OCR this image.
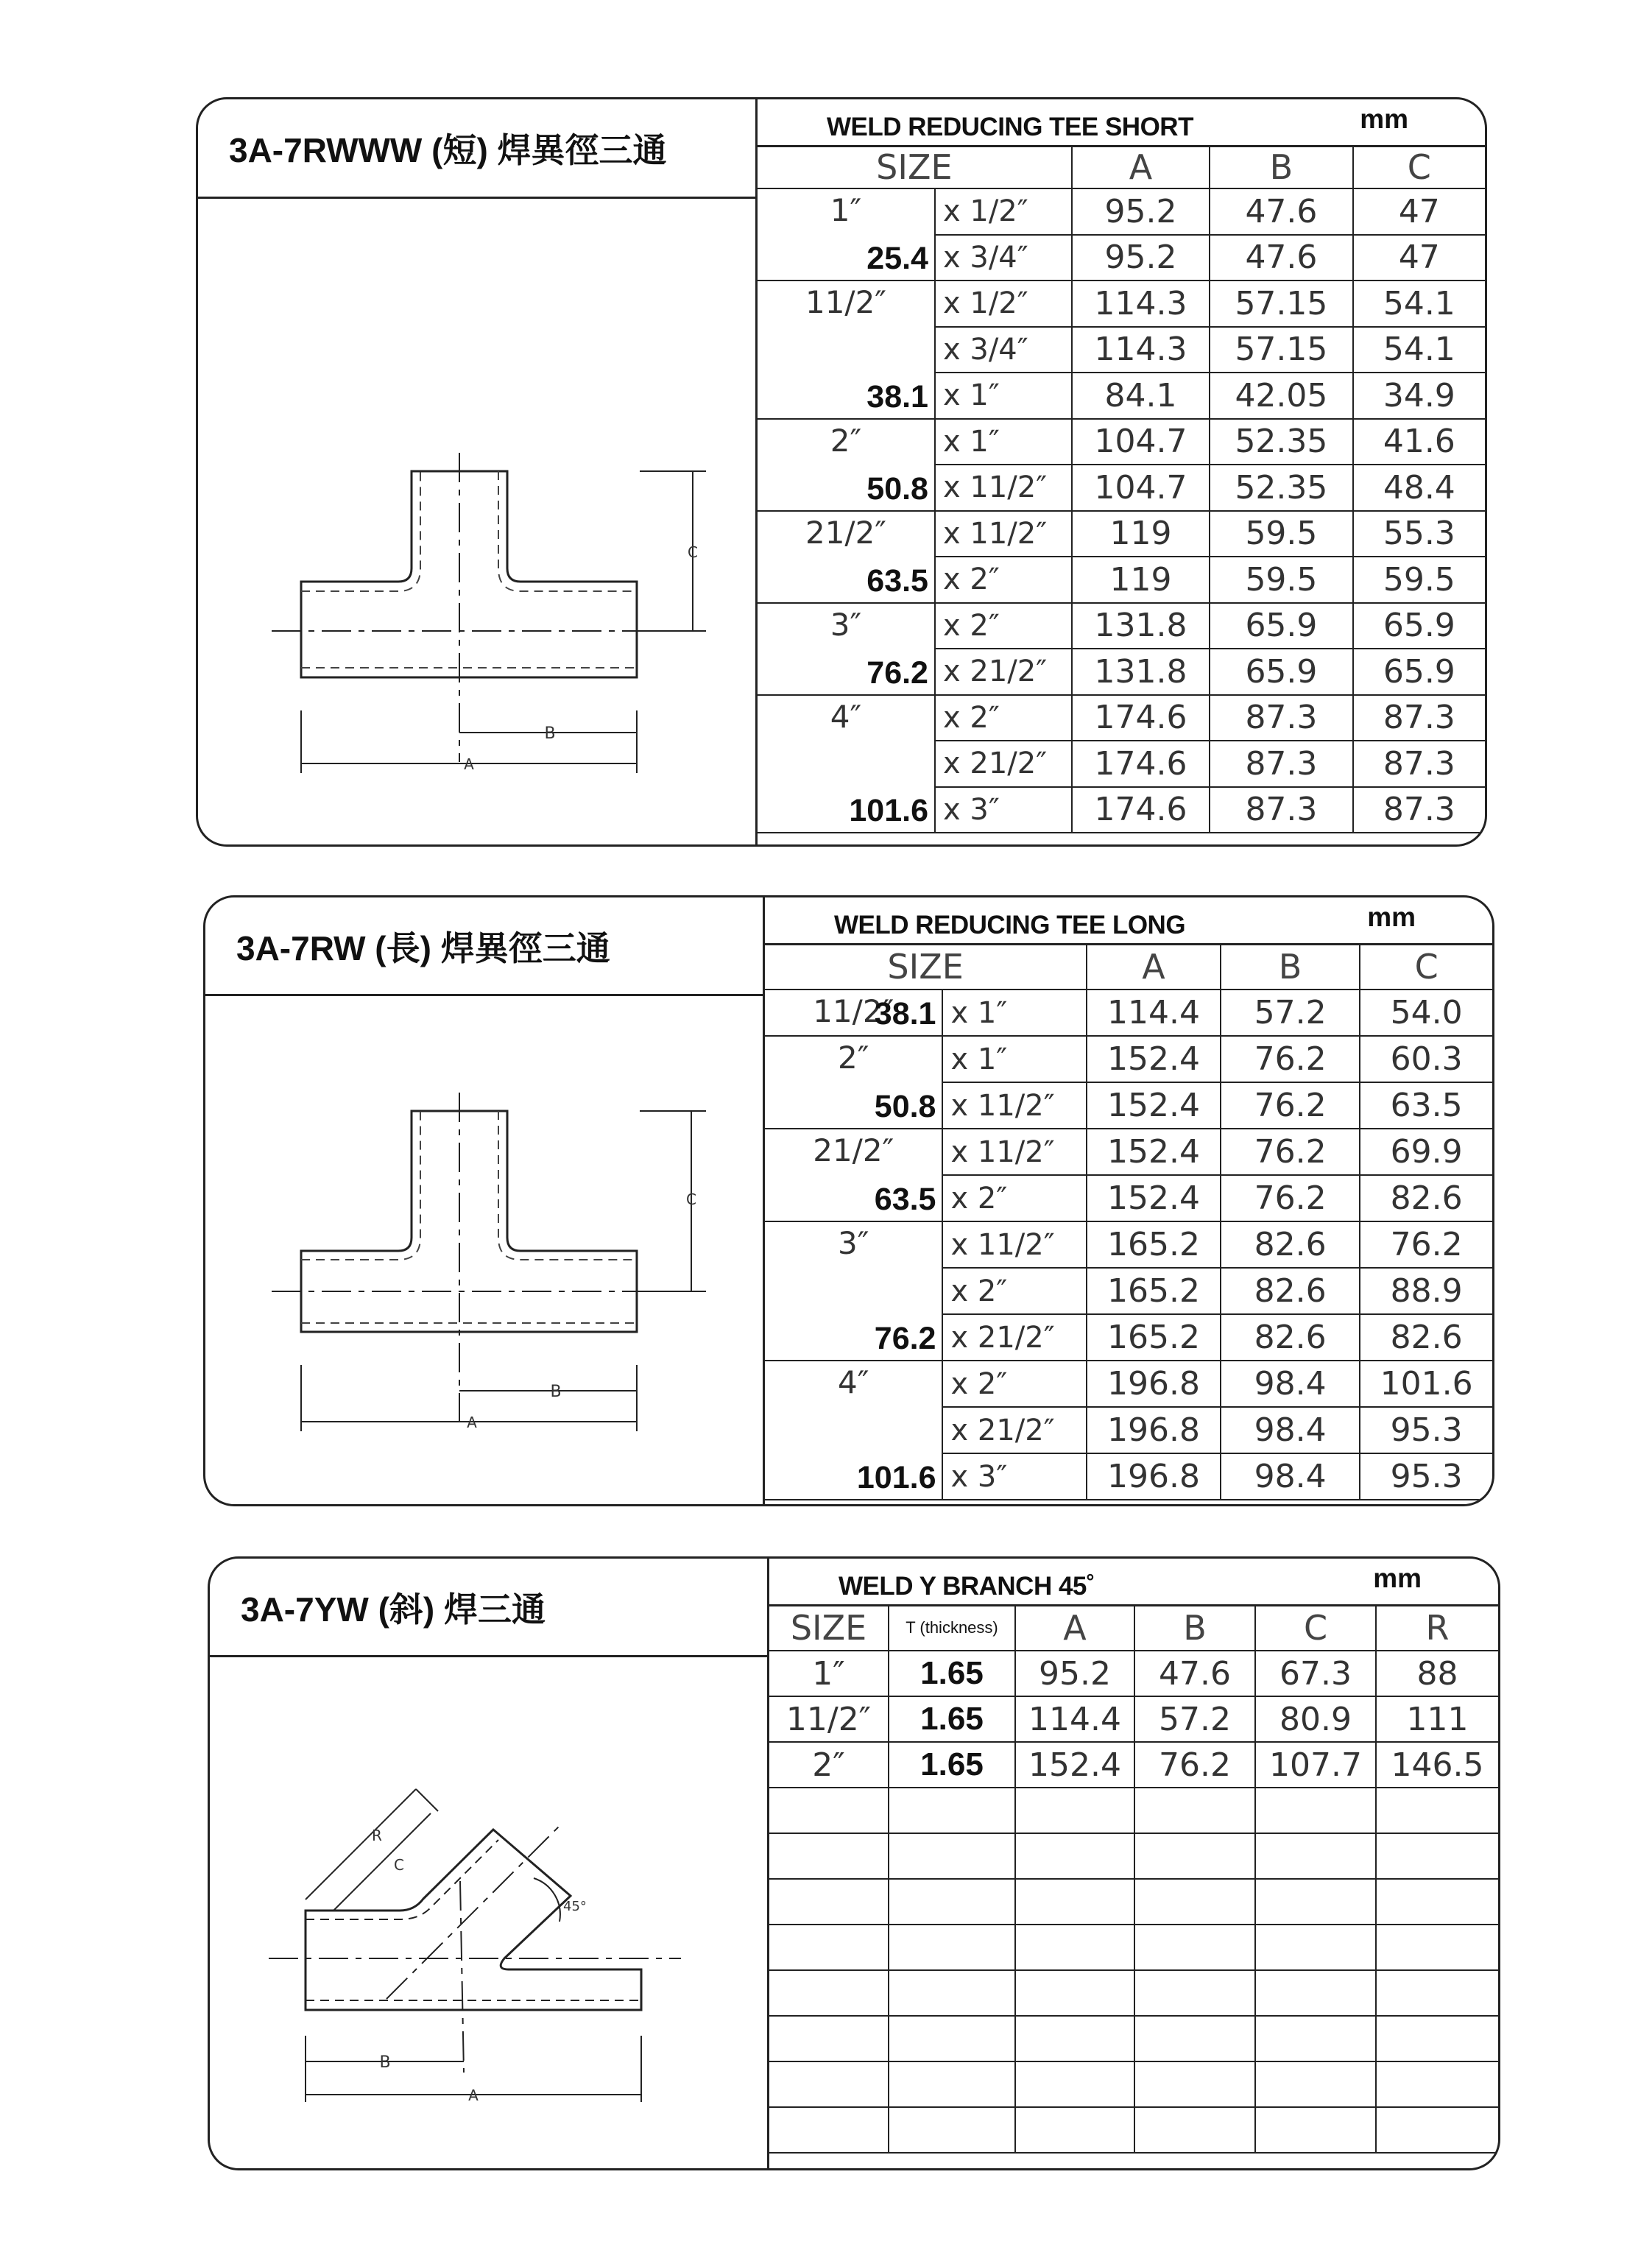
3A-7RWWW (短) 焊異徑三通
C
B
A
WELD REDUCING TEE SHORT	mm
SIZE		A	B	C

1″
25.4	x 1/2″	95.2	47.6	47
	x 3/4″	95.2	47.6	47

11/2″
38.1	x 1/2″	114.3	57.15	54.1
	x 3/4″	114.3	57.15	54.1
	x 1″	84.1	42.05	34.9

2″
50.8	x 1″	104.7	52.35	41.6
	x 11/2″	104.7	52.35	48.4

21/2″
63.5	x 11/2″	119	59.5	55.3
	x 2″	119	59.5	59.5

3″
76.2	x 2″	131.8	65.9	65.9
	x 21/2″	131.8	65.9	65.9

4″
101.6	x 2″	174.6	87.3	87.3
	x 21/2″	174.6	87.3	87.3
	x 3″	174.6	87.3	87.3
3A-7RW (長) 焊異徑三通
C
B
A
WELD REDUCING TEE LONG	mm
SIZE		A	B	C

11/2″
38.1	x 1″	114.4	57.2	54.0

2″
50.8	x 1″	152.4	76.2	60.3
	x 11/2″	152.4	76.2	63.5

21/2″
63.5	x 11/2″	152.4	76.2	69.9
	x 2″	152.4	76.2	82.6

3″
76.2	x 11/2″	165.2	82.6	76.2
	x 2″	165.2	82.6	88.9
	x 21/2″	165.2	82.6	82.6

4″
101.6	x 2″	196.8	98.4	101.6
	x 21/2″	196.8	98.4	95.3
	x 3″	196.8	98.4	95.3
3A-7YW (斜) 焊三通
R
C
45°
B
A
WELD Y BRANCH 45˚	mm
SIZE	T (thickness)	A	B	C	R
1″	1.65	95.2	47.6	67.3	88
11/2″	1.65	114.4	57.2	80.9	111
2″	1.65	152.4	76.2	107.7	146.5
